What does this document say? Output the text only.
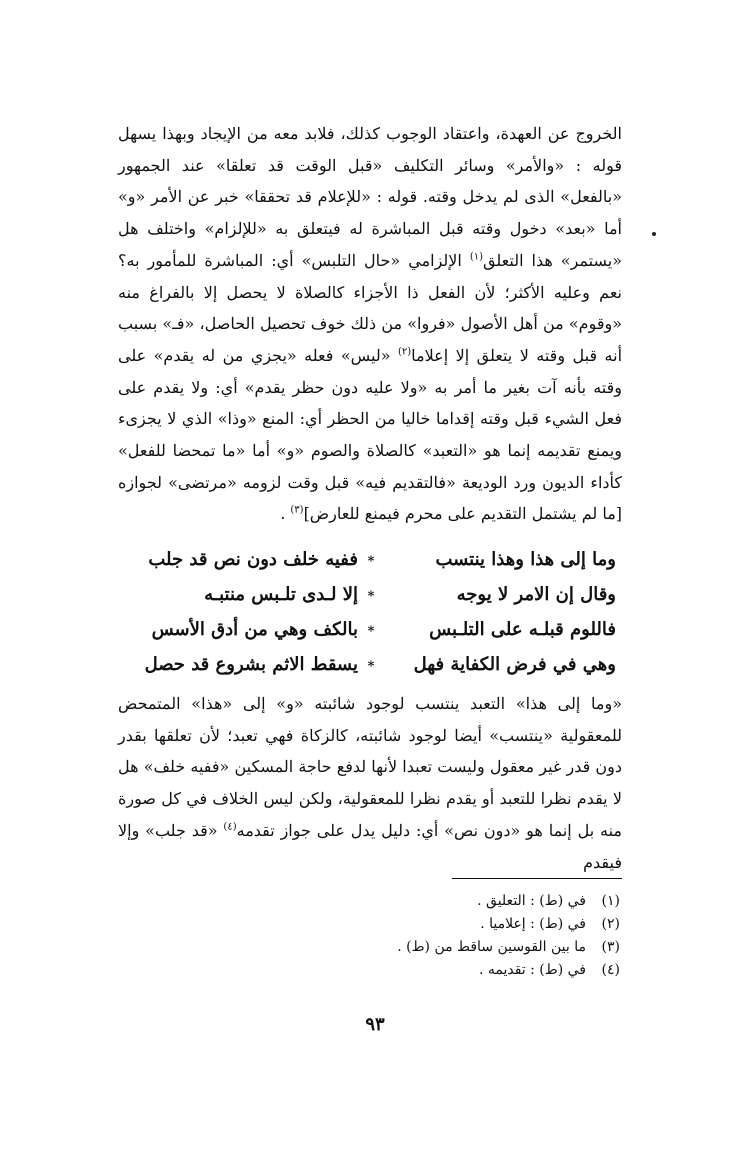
الخروج عن العهدة، واعتقاد الوجوب كذلك، فلابد معه من الإيجاد وبهذا يسهل قوله : «والأمر» وسائر التكليف «قبل الوقت قد تعلقا» عند الجمهور «بالفعل» الذى لم يدخل وقته. قوله : «للإعلام قد تحققا» خبر عن الأمر «و» أما «بعد» دخول وقته قبل المباشرة له فيتعلق به «للإلزام» واختلف هل «يستمر» هذا التعلق$^{(١)}$ الإلزامي «حال التلبس» أي: المباشرة للمأمور به؟ نعم وعليه الأكثر؛ لأن الفعل ذا الأجزاء كالصلاة لا يحصل إلا بالفراغ منه «وقوم» من أهل الأصول «فروا» من ذلك خوف تحصيل الحاصل، «فـ» بسبب أنه قبل وقته لا يتعلق إلا إعلاما$^{(٢)}$ «ليس» فعله «يجزي من له يقدم» على وقته بأنه آت بغير ما أمر به «ولا عليه دون حظر يقدم» أي: ولا يقدم على فعل الشيء قبل وقته إقداما خاليا من الحظر أي: المنع «وذا» الذي لا يجزىء ويمنع تقديمه إنما هو «التعبد» كالصلاة والصوم «و» أما «ما تمحضا للفعل» كأداء الديون ورد الوديعة «فالتقديم فيه» قبل وقت لزومه «مرتضى» لجوازه [ما لم يشتمل التقديم على محرم فيمنع للعارض]$^{(٣)}$ .

وما إلى هذا وهذا ينتسب
*
ففيه خلف دون نص قد جلب
وقال إن الامر لا يوجه
*
إلا لـدى تلـبس منتبـه
فاللوم قبلـه على التلـبس
*
بالكف وهي من أدق الأسس
وهي في فرض الكفاية فهل
*
يسقط الاثم بشروع قد حصل

«وما إلى هذا» التعبد ينتسب لوجود شائبته «و» إلى «هذا» المتمحض للمعقولية «ينتسب» أيضا لوجود شائبته، كالزكاة فهي تعبد؛ لأن تعلقها بقدر دون قدر غير معقول وليست تعبدا لأنها لدفع حاجة المسكين «ففيه خلف» هل لا يقدم نظرا للتعبد أو يقدم نظرا للمعقولية، ولكن ليس الخلاف في كل صورة منه بل إنما هو «دون نص» أي: دليل يدل على جواز تقدمه$^{(٤)}$ «قد جلب» وإلا فيقدم

(١)
في (ط) : التعليق .
(٢)
في (ط) : إعلاميا .
(٣)
ما بين القوسين ساقط من (ط) .
(٤)
في (ط) : تقديمه .
٩٣
